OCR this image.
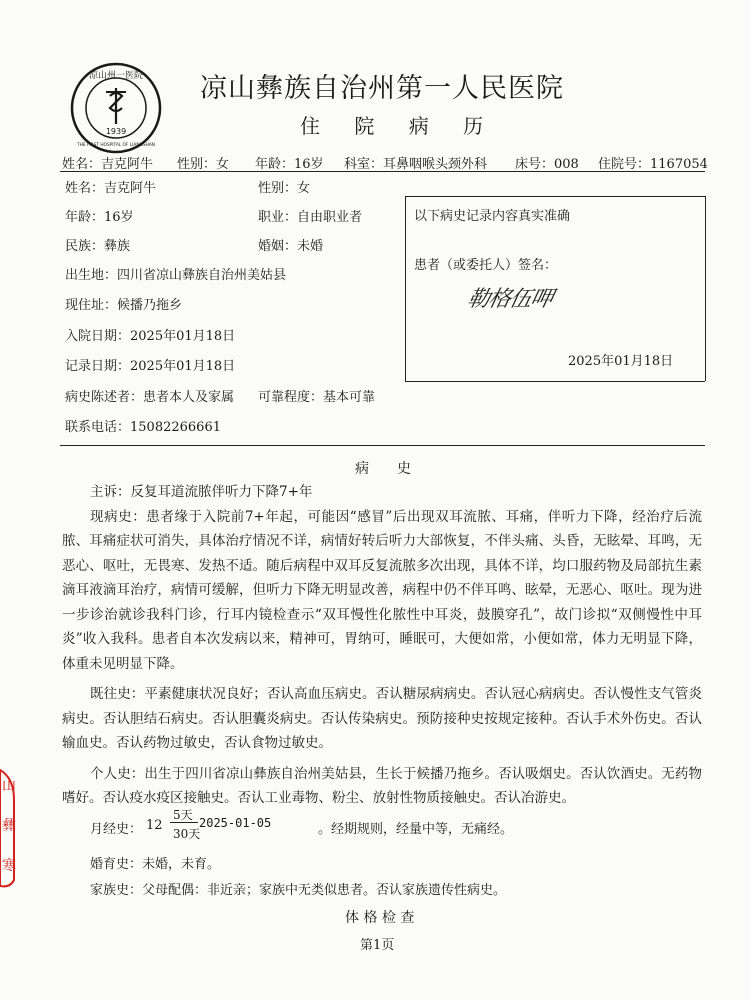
凉山州一医院
1939
THE FIRST HOSPITAL OF LIANGSHAN
凉山彝族自治州第一人民医院
住 院 病 历
姓名：吉克阿牛 性别：女 年龄：16岁 科室：耳鼻咽喉头颈外科 床号：008 住院号：1167054
姓名：吉克阿牛	性别：女
年龄：16岁	职业：自由职业者
民族：彝族	婚姻：未婚
出生地：四川省凉山彝族自治州美姑县
现住址：候播乃拖乡
入院日期：2025年01月18日
记录日期：2025年01月18日
病史陈述者：患者本人及家属 可靠程度：基本可靠
联系电话：15082266661
以下病史记录内容真实准确
患者（或委托人）签名：
勒格伍呷
2025年01月18日
病　　史

主诉：反复耳道流脓伴听力下降7+年

现病史：患者缘于入院前7+年起，可能因“感冒”后出现双耳流脓、耳痛，伴听力下降，经治疗后流脓、耳痛症状可消失，具体治疗情况不详，病情好转后听力大部恢复，不伴头痛、头昏，无眩晕、耳鸣，无恶心、呕吐，无畏寒、发热不适。随后病程中双耳反复流脓多次出现，具体不详，均口服药物及局部抗生素滴耳液滴耳治疗，病情可缓解，但听力下降无明显改善，病程中仍不伴耳鸣、眩晕，无恶心、呕吐。现为进一步诊治就诊我科门诊，行耳内镜检查示“双耳慢性化脓性中耳炎，鼓膜穿孔”，故门诊拟“双侧慢性中耳炎”收入我科。患者自本次发病以来，精神可，胃纳可，睡眠可，大便如常，小便如常，体力无明显下降，体重未见明显下降。

既往史：平素健康状况良好；否认高血压病史。否认糖尿病病史。否认冠心病病史。否认慢性支气管炎病史。否认胆结石病史。否认胆囊炎病史。否认传染病史。预防接种史按规定接种。否认手术外伤史。否认输血史。否认药物过敏史，否认食物过敏史。

个人史：出生于四川省凉山彝族自治州美姑县，生长于候播乃拖乡。否认吸烟史。否认饮酒史。无药物嗜好。否认疫水疫区接触史。否认工业毒物、粉尘、放射性物质接触史。否认冶游史。

月经史： 12
5天
30天
2025-01-05	。经期规则，经量中等，无痛经。
婚育史：未婚，未育。
家族史：父母配偶：非近亲；家族中无类似患者。否认家族遗传性病史。
体 格 检 查
第1页
山
彝
寒
